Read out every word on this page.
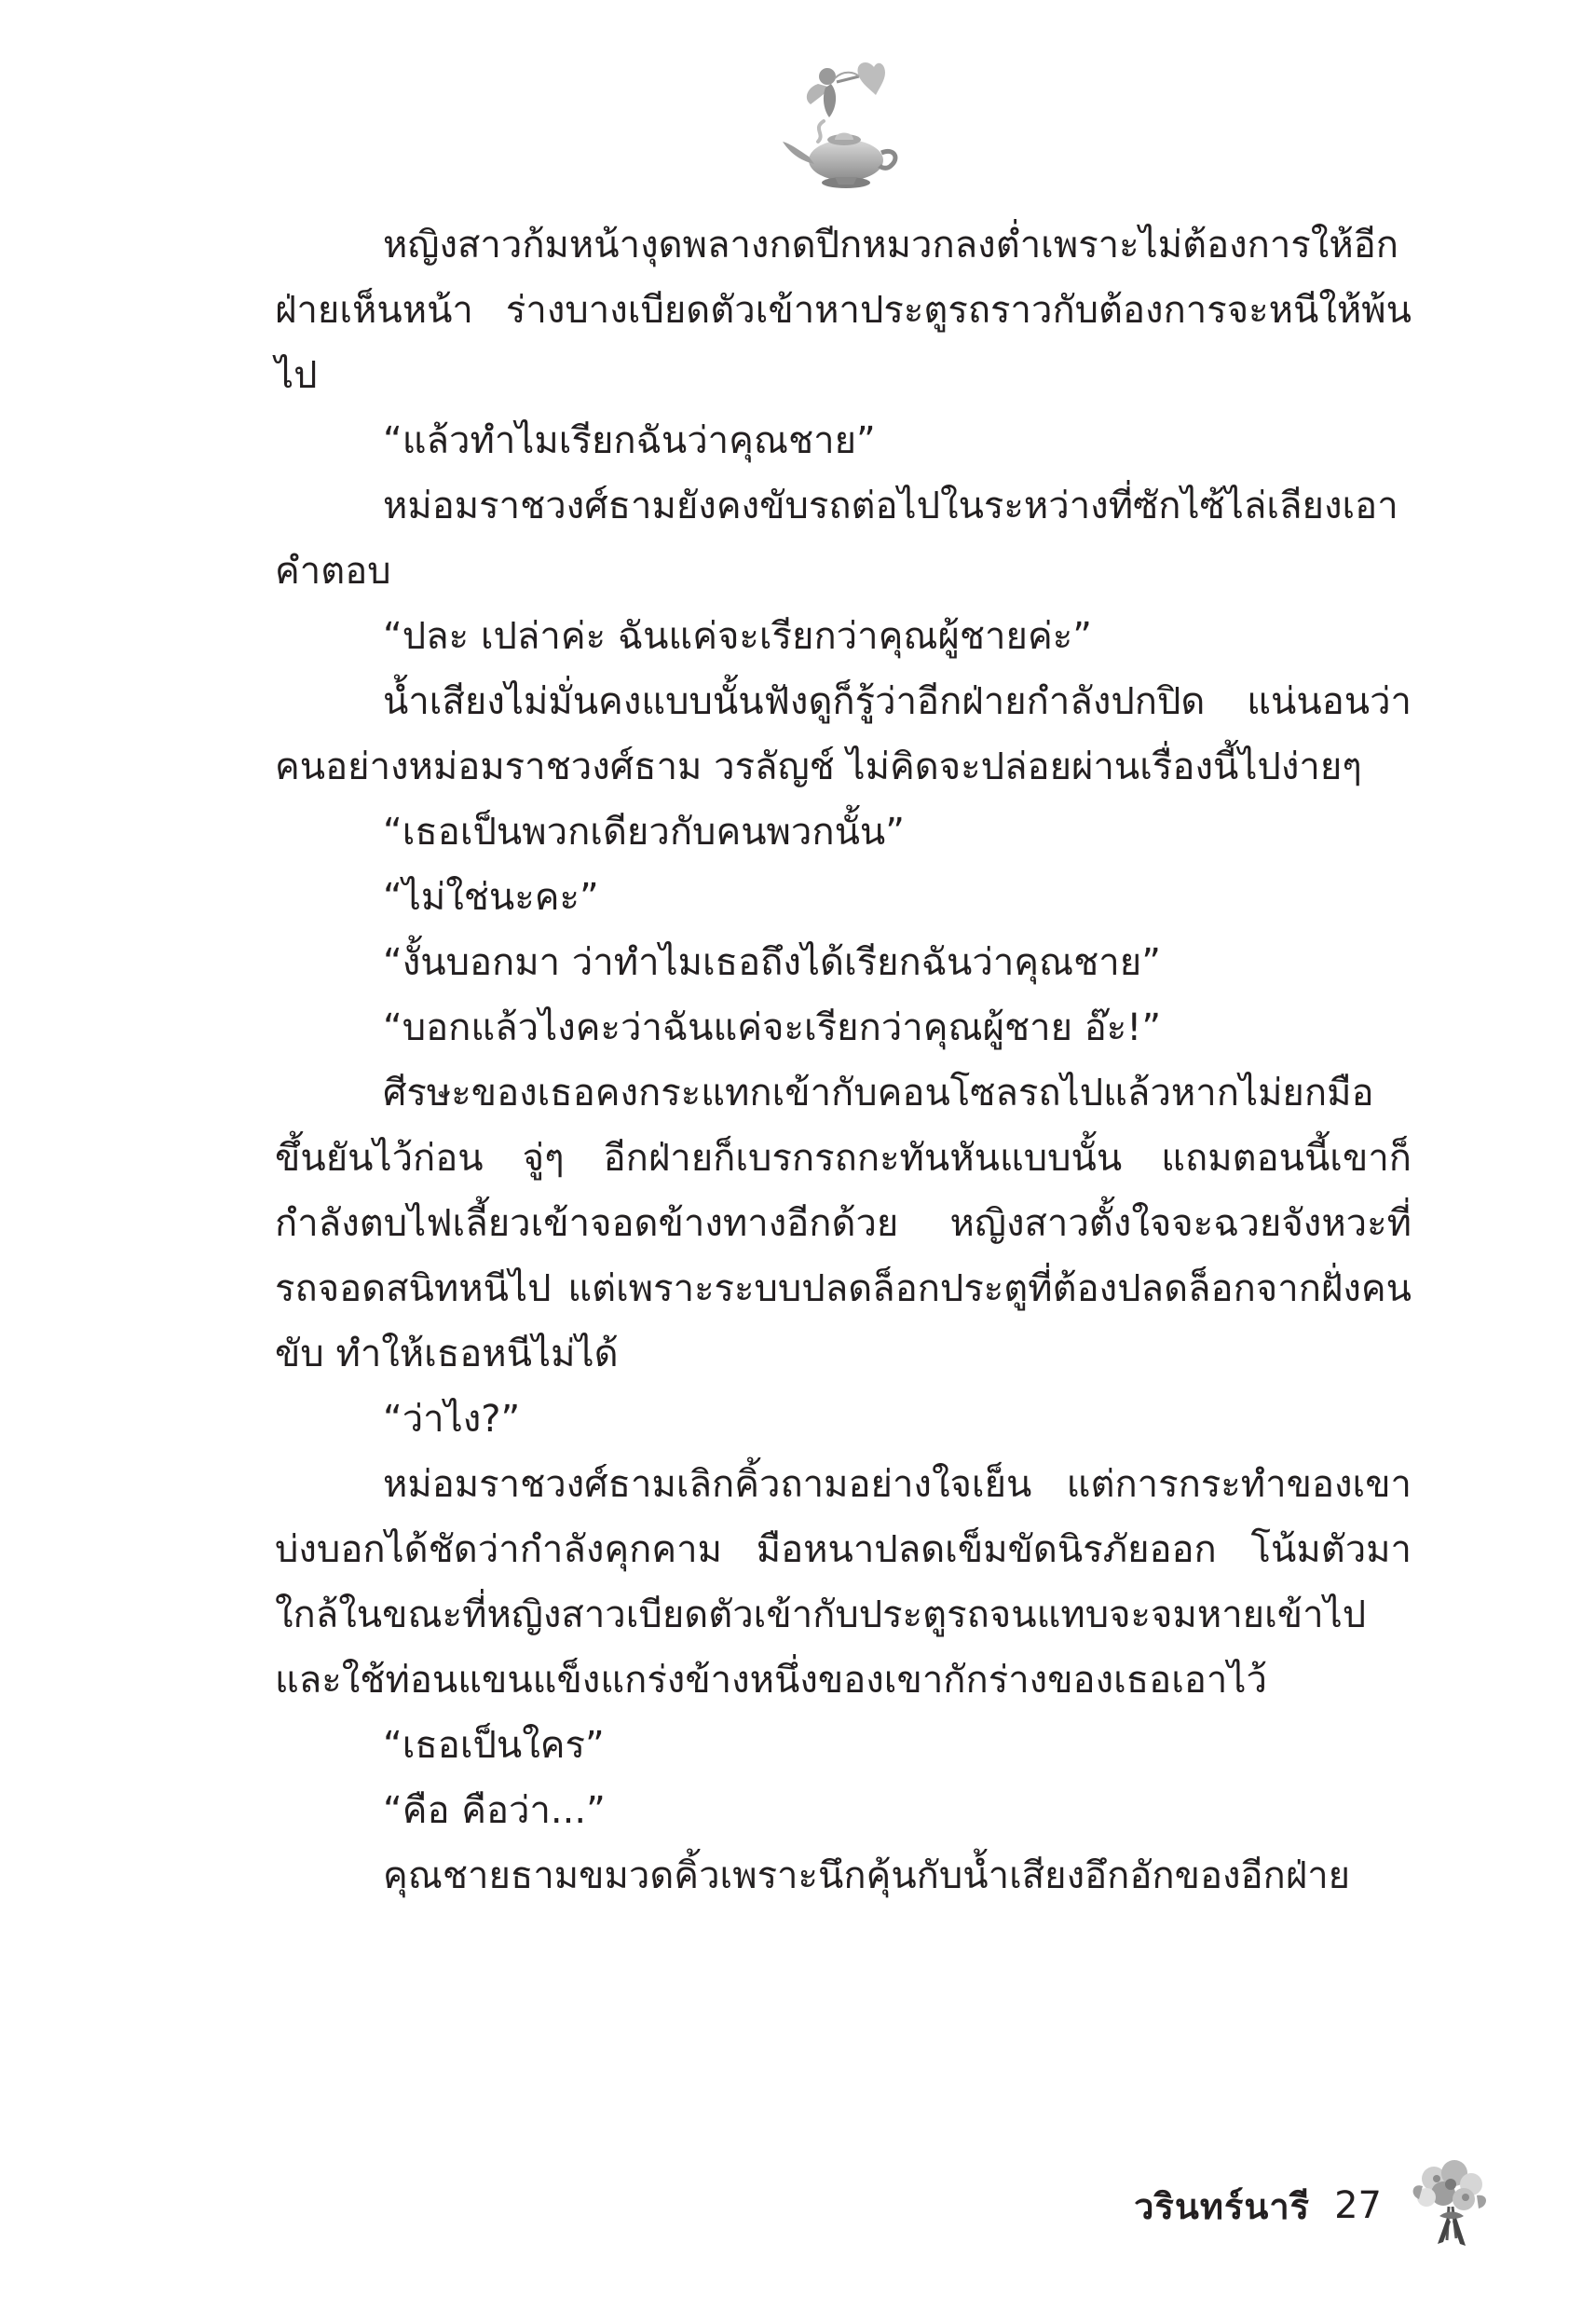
หญิงสาวก้มหน้างุดพลางกดปีกหมวกลงต่ำเพราะไม่ต้องการให้อีกฝ่ายเห็นหน้า ร่างบางเบียดตัวเข้าหาประตูรถราวกับต้องการจะหนีให้พ้นไป

“แล้วทำไมเรียกฉันว่าคุณชาย”

หม่อมราชวงศ์ธามยังคงขับรถต่อไปในระหว่างที่ซักไซ้ไล่เลียงเอาคำตอบ

“ปละ เปล่าค่ะ ฉันแค่จะเรียกว่าคุณผู้ชายค่ะ”

น้ำเสียงไม่มั่นคงแบบนั้นฟังดูก็รู้ว่าอีกฝ่ายกำลังปกปิด แน่นอนว่าคนอย่างหม่อมราชวงศ์ธาม วรลัญช์ ไม่คิดจะปล่อยผ่านเรื่องนี้ไปง่ายๆ

“เธอเป็นพวกเดียวกับคนพวกนั้น”

“ไม่ใช่นะคะ”

“งั้นบอกมา ว่าทำไมเธอถึงได้เรียกฉันว่าคุณชาย”

“บอกแล้วไงคะว่าฉันแค่จะเรียกว่าคุณผู้ชาย อ๊ะ!”

ศีรษะของเธอคงกระแทกเข้ากับคอนโซลรถไปแล้วหากไม่ยกมือขึ้นยันไว้ก่อน จู่ๆ อีกฝ่ายก็เบรกรถกะทันหันแบบนั้น แถมตอนนี้เขาก็กำลังตบไฟเลี้ยวเข้าจอดข้างทางอีกด้วย หญิงสาวตั้งใจจะฉวยจังหวะที่รถจอดสนิทหนีไป แต่เพราะระบบปลดล็อกประตูที่ต้องปลดล็อกจากฝั่งคนขับ ทำให้เธอหนีไม่ได้

“ว่าไง?”

หม่อมราชวงศ์ธามเลิกคิ้วถามอย่างใจเย็น แต่การกระทำของเขาบ่งบอกได้ชัดว่ากำลังคุกคาม มือหนาปลดเข็มขัดนิรภัยออก โน้มตัวมาใกล้ในขณะที่หญิงสาวเบียดตัวเข้ากับประตูรถจนแทบจะจมหายเข้าไปและใช้ท่อนแขนแข็งแกร่งข้างหนึ่งของเขากักร่างของเธอเอาไว้

“เธอเป็นใคร”

“คือ คือว่า...”

คุณชายธามขมวดคิ้วเพราะนึกคุ้นกับน้ำเสียงอึกอักของอีกฝ่าย

วรินทร์นารี 27
